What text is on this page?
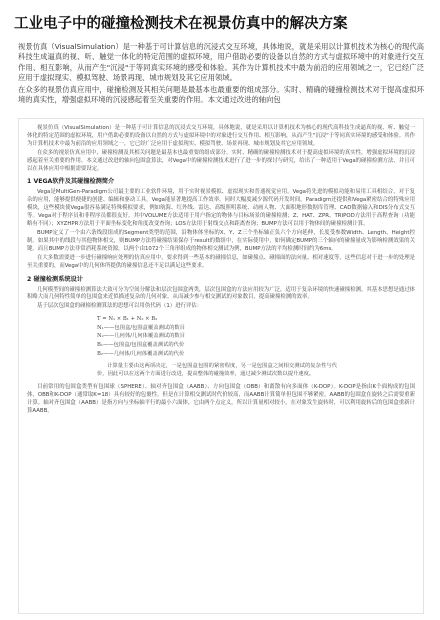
工业电子中的碰撞检测技术在视景仿真中的解决方案

视景仿真（VisualSimulation）是一种基于可计算信息的沉浸式交互环境，具体地说，就是采用以计算机技术为核心的现代高科技生成逼真的视、听、触觉一体化的特定范围的虚拟环境，用户借助必要的设备以自然的方式与虚拟环境中的对象进行交互作用、相互影响，从而产生"沉浸"于等同真实环境的感受和体验。其作为计算机技术中最为前沿的应用领域之一，它已经广泛应用于虚拟现实、模拟驾驶、场景再现、城市规划及其它应用领域。

在众多的视景仿真应用中，碰撞检测及其相关问题是最基本也最重要的组成部分。实时、精确的碰撞检测技术对于提高虚拟环境的真实性，增强虚拟环境的沉浸感起着至关重要的作用。本文通过改进的轴向包

视景仿真（VisualSimulation）是一种基于可计算信息的沉浸式交互环境，具体地说，就是采用以计算机技术为核心的现代高科技生成逼真的视、听、触觉一体化的特定范围的虚拟环境，用户借助必要的设备以自然的方式与虚拟环境中的对象进行交互作用、相互影响，从而产生"沉浸"于等同真实环境的感受和体验。其作为计算机技术中最为前沿的应用领域之一，它已经广泛应用于虚拟现实、模拟驾驶、场景再现、城市规划及其它应用领域。

在众多的视景仿真应用中，碰撞检测及其相关问题是最基本也最重要的组成部分。实时、精确的碰撞检测技术对于提高虚拟环境的真实性，增强虚拟环境的沉浸感起着至关重要的作用。本文通过改进的轴向包围盒算法，对Vega中的碰撞检测技术进行了进一步的探讨与研究，给出了一种适用于Vega的碰撞检测方法，并且可以在具体应用中根据需要设定。

1 VEGA软件及其碰撞检测简介

Vega是MultiGen-Paradigm公司最主要的工业软件环境，用于实时视景模拟、虚拟现实和普通视觉应用。Vega将先进的模拟功能和易用工具相结合，对于复杂的应用，能够提供便捷的创建、编辑和驱动工具。Vega能显著地提高工作效率，同时大幅度减少源代码开发时间。Paradigm还提供和Vega紧密结合的特殊应用模块，这些模块使Vega很容易满足特殊模拟要求，例如航海、红外线、雷达、高级照明系统、动画人物、大面积地形数据库管理、CAD数据输入和DIS分布式交互等。Vega对于程序员和非程序员都很友好。其中VOLUME方法适用于用户指定的物体与目标场景的碰撞检测；Z、HAT、ZPR、TRIPOD方法用于高程查询（功能略有不同）；XYZHPR方法用于平面坐标变化和角度改变查询；LOS方法用于射线交点和距离查询；BUMP方法可以用于物体间的碰撞检测计算。

BUMP定义了一个由六条线段组成的Segment类型的范围，沿物体体坐标的X、Y、Z三个坐标轴正负六个方向延伸，长度受参数Width、Length、Height控制。如果其中的线段与其他物体相交，则BUMP方法将碰撞结果保存于result的数组中，在实际使用中，如何确定BUMP的三个轴向的碰撞量成为影响检测效果的关键。而且BUMP方法非常消耗系统资源，以两个由1072个三角形组成的物体相交测试为例，BUMP方法的平均检测时间约为6ms。

在大多数需要进一步进行碰撞响应处理的仿真应用中，要求得到一些基本的碰撞信息，如碰撞点、碰撞面的法向量、相对速度等，这些信息对于进一步的处理是至关重要的，而Vega中的几何体所提供的碰撞信息还不足以满足这些要求。

2 碰撞检测系统设计

几何模型间的碰撞检测算法大致可分为空间分解法和层次包围盒两类，层次包围盒的方法应用较为广泛，适用于复杂环境的快速碰撞检测。其基本思想是通过体积略大而几何特性简单的包围盒来近似描述复杂的几何对象，从而减少参与相交测试的对象数目，提高碰撞检测的效率。

基于层次包围盒的碰撞检测算法的思想可以用伪代码（1）进行评估：

T = N₁ × B₁ + N₂ × B₂
N₁——包围盒/包围盒覆盖测试的数目
N₂——几何体/几何体覆盖测试的数目
B₁——包围盒/包围盒覆盖测试的代价
B₂——几何体/几何体覆盖测试的代价
计算量主要由这两项决定，一是包围盒包围的紧密程度，另一是包围盒之间相交测试的复杂性与代价，因此可以在这两个方面进行改进，提高整体的碰撞效率，通过减少测试次数以提升速度。

目前常用的包围盒类型有包围球（SPHERE）、轴对齐包围盒（AABB）、方向包围盒（OBB）和离散有向多面体（K-DOP）。K-DOP是指由K个面构成的包围体，OBB和K-DOP（通常取K=18）具有较好的包裹性，但是在计算相交测试时代价较高，而AABB计算简单但包围不够紧密，AABB的包围盒在旋转之后需要重新计算。轴对齐包围盒（AABB）是指方向与坐标轴平行的最小六面体，它由两个点定义，所以计算量相对较小。在对象发生旋转时，可以利用旋转后的包围盒重新计算AABB。
